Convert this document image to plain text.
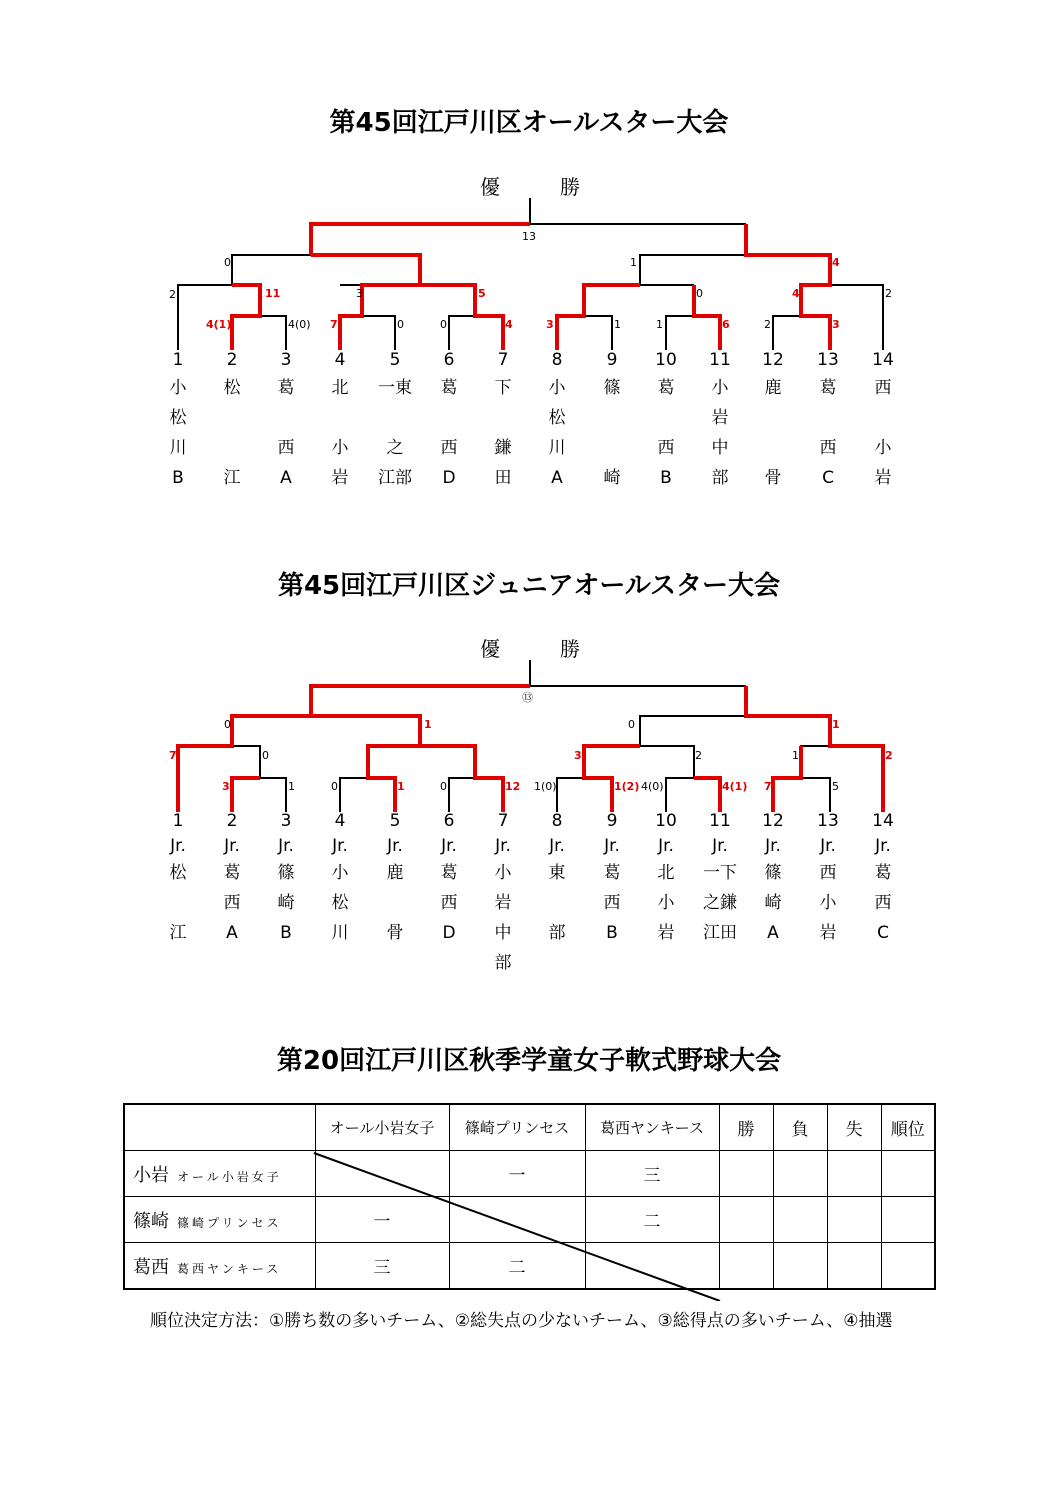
第45回江戸川区オールスター大会
優	勝
13
2
4(1)	4(0)
11
7	0	0	4
3	5
0
3	1	1	6
0
2	3
4	2
1	4
1
小
松
川
B
2
松
江
3
葛
西
A
4
北
小
岩
5
一東
之
江部
6
葛
西
D
7
下
鎌
田
8
小
松
川
A
9
篠
崎
10
葛
西
B
11
小
岩
中
部
12
鹿
骨
13
葛
西
C
14
西
小
岩
第45回江戸川区ジュニアオールスター大会
優	勝
⑬
7	0
3	1
0
0	1
1
0	12 1(0)
3
1(2) 4(0)
0
2
4(1)
1
7
1
5
2
1
Jr.
松
江
2
Jr.
葛
西
A
3
Jr.
篠
崎
B
4
Jr.
小
松
川
5
Jr.
鹿
骨
6
Jr.
葛
西
D
7
Jr.
小
岩
中
部
8
Jr.
東
部
9
Jr.
葛
西
B
10
Jr.
北
小
岩
11
Jr.
一下
之鎌
江田
12
Jr.
篠
崎
A
13
Jr.
西
小
岩
14
Jr.
葛
西
C
第20回江戸川区秋季学童女子軟式野球大会
	オール小岩女子	篠崎プリンセス	葛西ヤンキース	勝	負	失	順位
小岩 オール小岩女子		一	三				
篠崎 篠崎プリンセス	一		二				
葛西 葛西ヤンキース	三	二					
順位決定方法：①勝ち数の多いチーム、②総失点の少ないチーム、③総得点の多いチーム、④抽選
